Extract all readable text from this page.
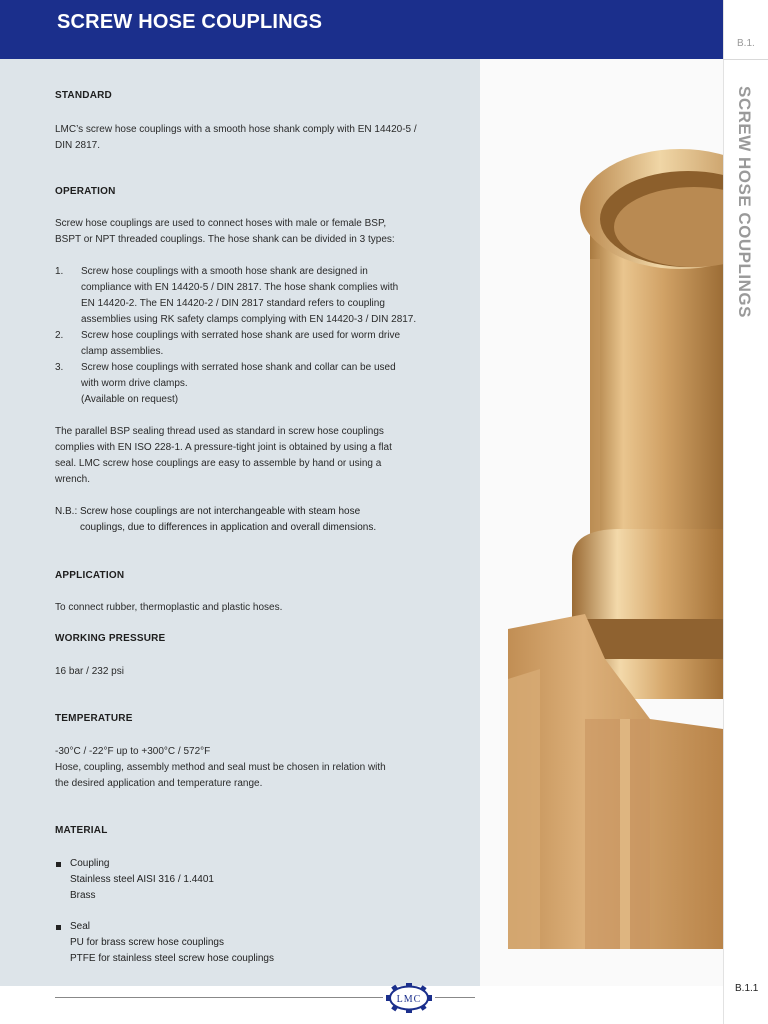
SCREW HOSE COUPLINGS
B.1.
SCREW HOSE COUPLINGS
STANDARD
LMC’s screw hose couplings with a smooth hose shank comply with EN 14420-5 /
DIN 2817.
OPERATION
Screw hose couplings are used to connect hoses with male or female BSP,
BSPT or NPT threaded couplings. The hose shank can be divided in 3 types:
1. Screw hose couplings with a smooth hose shank are designed in
compliance with EN 14420-5 / DIN 2817. The hose shank complies with
EN 14420-2. The EN 14420-2 / DIN 2817 standard refers to coupling
assemblies using RK safety clamps complying with EN 14420-3 / DIN 2817.
2. Screw hose couplings with serrated hose shank are used for worm drive
clamp assemblies.
3. Screw hose couplings with serrated hose shank and collar can be used
with worm drive clamps.
(Available on request)
The parallel BSP sealing thread used as standard in screw hose couplings
complies with EN ISO 228-1. A pressure-tight joint is obtained by using a flat
seal. LMC screw hose couplings are easy to assemble by hand or using a
wrench.
N.B.: Screw hose couplings are not interchangeable with steam hose
couplings, due to differences in application and overall dimensions.
APPLICATION
To connect rubber, thermoplastic and plastic hoses.
WORKING PRESSURE
16 bar / 232 psi
TEMPERATURE
-30°C / -22°F up to +300°C / 572°F
Hose, coupling, assembly method and seal must be chosen in relation with
the desired application and temperature range.
MATERIAL
Coupling
Stainless steel AISI 316 / 1.4401
Brass
Seal
PU for brass screw hose couplings
PTFE for stainless steel screw hose couplings
LMC
B.1.1
